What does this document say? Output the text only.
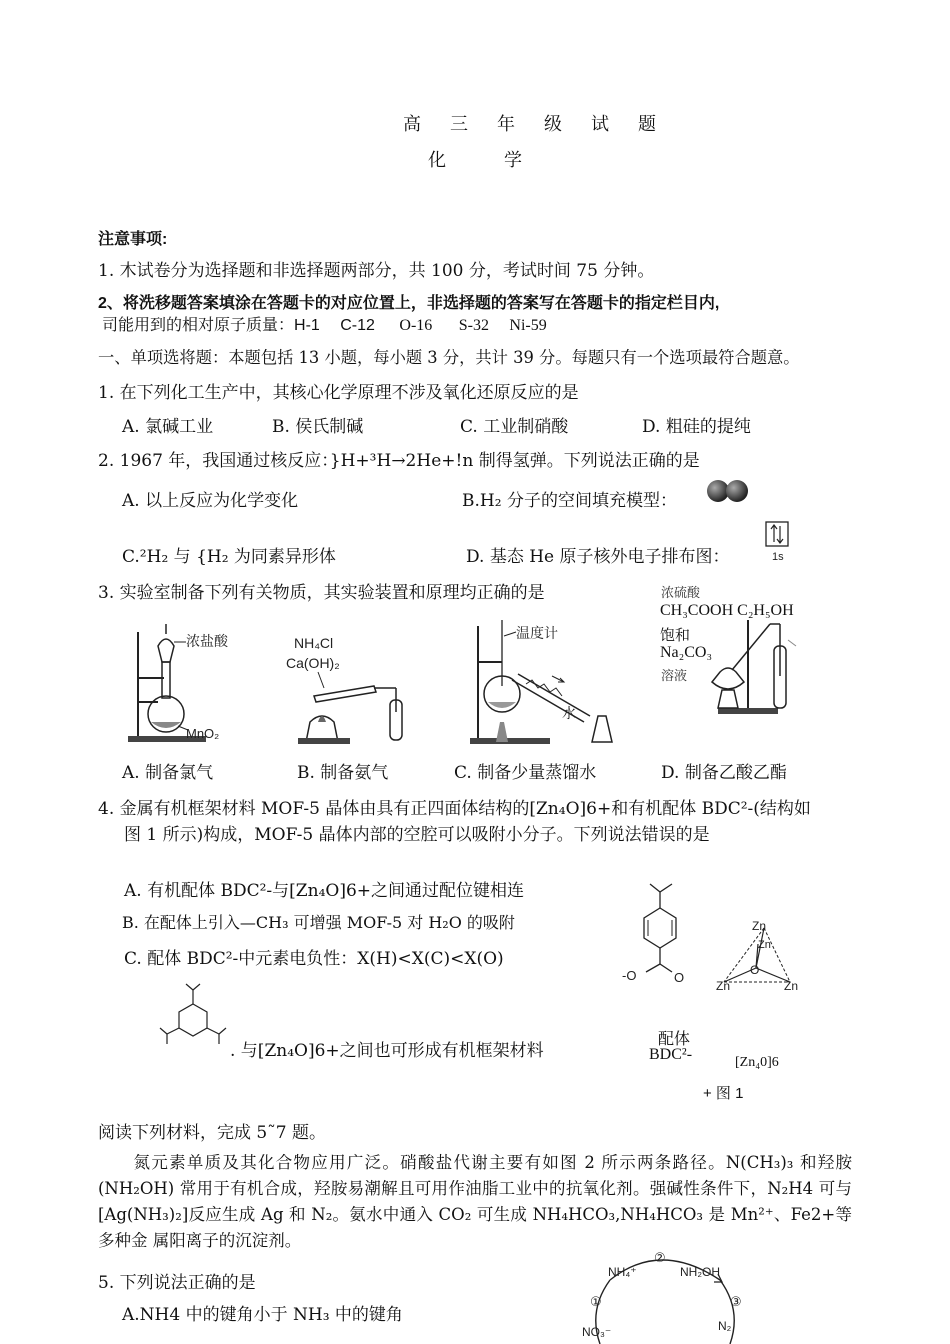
高 三 年 级 试 题
化　学
注意事项:
1. 木试卷分为选择题和非选择题两部分，共 100 分，考试时间 75 分钟。
2、将洗移题答案填涂在答题卡的对应位置上，非选择题的答案写在答题卡的指定栏目内,
司能用到的相对原子质量：H-1 C-12 O-16 S-32 Ni-59
一、单项选将题：本题包括 13 小题，每小题 3 分，共计 39 分。每题只有一个选项最符合题意。
1. 在下列化工生产中，其核心化学原理不涉及氧化还原反应的是
A. 氯碱工业	B. 侯氏制碱	C. 工业制硝酸	D. 粗硅的提纯
2. 1967 年，我国通过核反应：}H+³H→2He+!n 制得氢弹。下列说法正确的是
A. 以上反应为化学变化	B.H₂ 分子的空间填充模型：
C.²H₂ 与 {H₂ 为同素异形体	D. 基态 He 原子核外电子排布图：	1s
3. 实验室制备下列有关物质，其实验装置和原理均正确的是
浓盐酸
MnO₂
NH₄Cl
Ca(OH)₂
温度计
水
浓硫酸
CH₃COOH C₂H₅OH
饱和
Na₂CO₃
溶液
A. 制备氯气	B. 制备氨气	C. 制备少量蒸馏水	D. 制备乙酸乙酯
4. 金属有机框架材料 MOF-5 晶体由具有正四面体结构的[Zn₄O]6+和有机配体 BDC²-(结构如
图 1 所示)构成，MOF-5 晶体内部的空腔可以吸附小分子。下列说法错误的是
A. 有机配体 BDC²-与[Zn₄O]6+之间通过配位键相连
B. 在配体上引入—CH₃ 可增强 MOF-5 对 H₂O 的吸附
C. 配体 BDC²-中元素电负性：X(H)<X(C)<X(O)
. 与[Zn₄O]6+之间也可形成有机框架材料
-O	O
Zn
Zn
O
Zn	Zn
配体
BDC²-	[Zn₄0]6
+ 图 1
阅读下列材料，完成 5˜7 题。
　　氮元素单质及其化合物应用广泛。硝酸盐代谢主要有如图 2 所示两条路径。N(CH₃)₃ 和羟胺 (NH₂OH) 常用于有机合成，羟胺易潮解且可用作油脂工业中的抗氧化剂。强碱性条件下，N₂H4 可与 [Ag(NH₃)₂]反应生成 Ag 和 N₂。氨水中通入 CO₂ 可生成 NH₄HCO₃,NH₄HCO₃ 是 Mn²⁺、Fe2+等多种金 属阳离子的沉淀剂。
5. 下列说法正确的是
A.NH4 中的键角小于 NH₃ 中的键角
NH₄⁺	NH₂OH
NO₃⁻	N₂
②
①	③
